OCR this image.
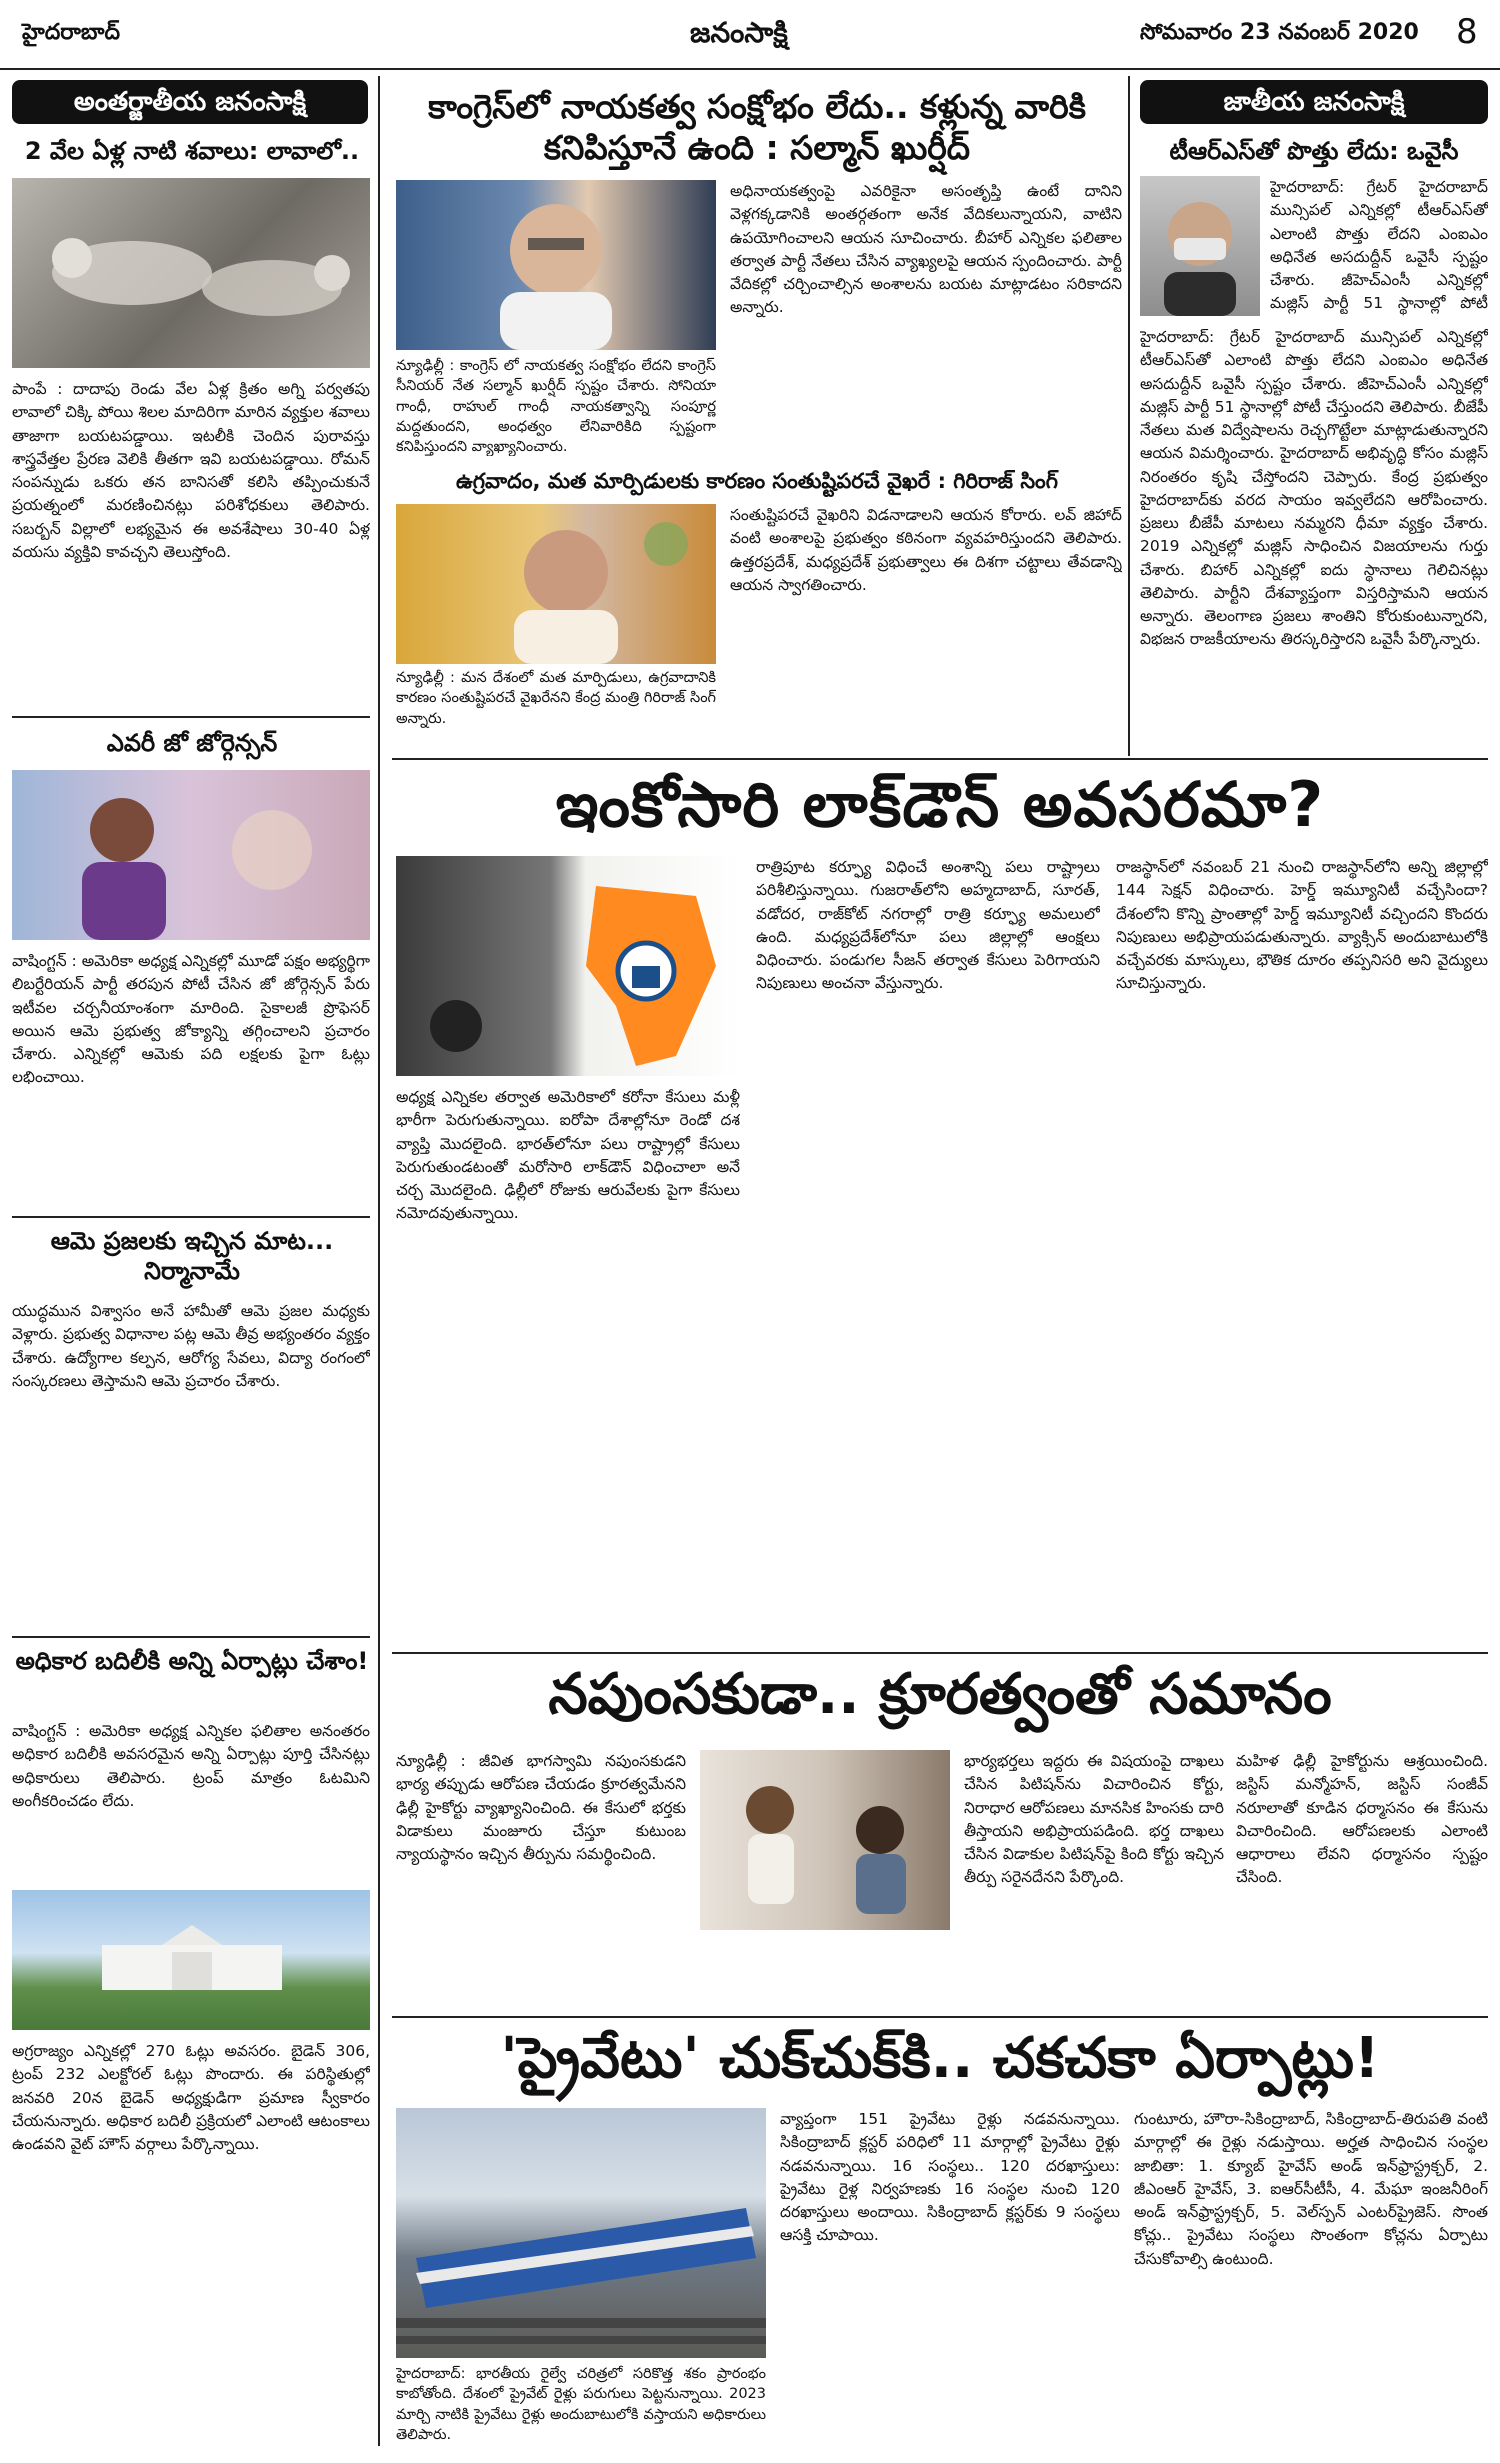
హైదరాబాద్	జనంసాక్షి	సోమవారం 23 నవంబర్ 2020 8
అంతర్జాతీయ జనంసాక్షి
2 వేల ఏళ్ల నాటి శవాలు: లావాలో..
పాంపే : దాదాపు రెండు వేల ఏళ్ల క్రితం అగ్ని పర్వతపు లావాలో చిక్కి పోయి శిలల మాదిరిగా మారిన వ్యక్తుల శవాలు తాజాగా బయటపడ్డాయి. ఇటలీకి చెందిన పురావస్తు శాస్త్రవేత్తల ప్రేరణ వెలికి తీతగా ఇవి బయటపడ్డాయి. రోమన్ సంపన్నుడు ఒకరు తన బానిసతో కలిసి తప్పించుకునే ప్రయత్నంలో మరణించినట్లు పరిశోధకులు తెలిపారు. సబర్బన్ విల్లాలో లభ్యమైన ఈ అవశేషాలు 30-40 ఏళ్ల వయసు వ్యక్తివి కావచ్చని తెలుస్తోంది.
ఎవరీ జో జోర్గెన్సన్
వాషింగ్టన్ : అమెరికా అధ్యక్ష ఎన్నికల్లో మూడో పక్షం అభ్యర్థిగా లిబర్టేరియన్ పార్టీ తరపున పోటీ చేసిన జో జోర్గెన్సన్ పేరు ఇటీవల చర్చనీయాంశంగా మారింది. సైకాలజీ ప్రొఫెసర్ అయిన ఆమె ప్రభుత్వ జోక్యాన్ని తగ్గించాలని ప్రచారం చేశారు. ఎన్నికల్లో ఆమెకు పది లక్షలకు పైగా ఓట్లు లభించాయి.
ఆమె ప్రజలకు ఇచ్చిన మాట... నిర్మానామే
యుద్ధమున విశ్వాసం అనే హామీతో ఆమె ప్రజల మధ్యకు వెళ్లారు. ప్రభుత్వ విధానాల పట్ల ఆమె తీవ్ర అభ్యంతరం వ్యక్తం చేశారు. ఉద్యోగాల కల్పన, ఆరోగ్య సేవలు, విద్యా రంగంలో సంస్కరణలు తెస్తామని ఆమె ప్రచారం చేశారు.
అధికార బదిలీకి అన్ని ఏర్పాట్లు చేశాం!
వాషింగ్టన్ : అమెరికా అధ్యక్ష ఎన్నికల ఫలితాల అనంతరం అధికార బదిలీకి అవసరమైన అన్ని ఏర్పాట్లు పూర్తి చేసినట్లు అధికారులు తెలిపారు. ట్రంప్ మాత్రం ఓటమిని అంగీకరించడం లేదు.
అగ్రరాజ్యం ఎన్నికల్లో 270 ఓట్లు అవసరం. బైడెన్ 306, ట్రంప్ 232 ఎలక్టోరల్ ఓట్లు పొందారు. ఈ పరిస్థితుల్లో జనవరి 20న బైడెన్ అధ్యక్షుడిగా ప్రమాణ స్వీకారం చేయనున్నారు. అధికార బదిలీ ప్రక్రియలో ఎలాంటి ఆటంకాలు ఉండవని వైట్ హౌస్ వర్గాలు పేర్కొన్నాయి.
కాంగ్రెస్‌లో నాయకత్వ సంక్షోభం లేదు.. కళ్లున్న వారికి కనిపిస్తూనే ఉంది : సల్మాన్ ఖుర్షీద్
న్యూఢిల్లీ : కాంగ్రెస్ లో నాయకత్వ సంక్షోభం లేదని కాంగ్రెస్ సీనియర్ నేత సల్మాన్ ఖుర్షీద్ స్పష్టం చేశారు. సోనియా గాంధీ, రాహుల్ గాంధీ నాయకత్వాన్ని సంపూర్ణ మద్దతుందని, అంధత్వం లేనివారికిది స్పష్టంగా కనిపిస్తుందని వ్యాఖ్యానించారు.
అధినాయకత్వంపై ఎవరికైనా అసంతృప్తి ఉంటే దానిని వెళ్లగక్కడానికి అంతర్గతంగా అనేక వేదికలున్నాయని, వాటిని ఉపయోగించాలని ఆయన సూచించారు. బీహార్ ఎన్నికల ఫలితాల తర్వాత పార్టీ నేతలు చేసిన వ్యాఖ్యలపై ఆయన స్పందించారు. పార్టీ వేదికల్లో చర్చించాల్సిన అంశాలను బయట మాట్లాడటం సరికాదని అన్నారు.
ఉగ్రవాదం, మత మార్పిడులకు కారణం సంతుష్టిపరచే వైఖరే : గిరిరాజ్ సింగ్
న్యూఢిల్లీ : మన దేశంలో మత మార్పిడులు, ఉగ్రవాదానికి కారణం సంతుష్టిపరచే వైఖరేనని కేంద్ర మంత్రి గిరిరాజ్ సింగ్ అన్నారు.
సంతుష్టిపరచే వైఖరిని విడనాడాలని ఆయన కోరారు. లవ్ జిహాద్ వంటి అంశాలపై ప్రభుత్వం కఠినంగా వ్యవహరిస్తుందని తెలిపారు. ఉత్తరప్రదేశ్, మధ్యప్రదేశ్ ప్రభుత్వాలు ఈ దిశగా చట్టాలు తేవడాన్ని ఆయన స్వాగతించారు.
జాతీయ జనంసాక్షి
టీఆర్‌ఎస్‌తో పొత్తు లేదు: ఒవైసీ
హైదరాబాద్: గ్రేటర్ హైదరాబాద్ మున్సిపల్ ఎన్నికల్లో టీఆర్ఎస్‌తో ఎలాంటి పొత్తు లేదని ఎంఐఎం అధినేత అసదుద్దీన్ ఒవైసీ స్పష్టం చేశారు. జీహెచ్ఎంసీ ఎన్నికల్లో మజ్లిస్ పార్టీ 51 స్థానాల్లో పోటీ
హైదరాబాద్: గ్రేటర్ హైదరాబాద్ మున్సిపల్ ఎన్నికల్లో టీఆర్ఎస్‌తో ఎలాంటి పొత్తు లేదని ఎంఐఎం అధినేత అసదుద్దీన్ ఒవైసీ స్పష్టం చేశారు. జీహెచ్ఎంసీ ఎన్నికల్లో మజ్లిస్ పార్టీ 51 స్థానాల్లో పోటీ చేస్తుందని తెలిపారు. బీజేపీ నేతలు మత విద్వేషాలను రెచ్చగొట్టేలా మాట్లాడుతున్నారని ఆయన విమర్శించారు. హైదరాబాద్ అభివృద్ధి కోసం మజ్లిస్ నిరంతరం కృషి చేస్తోందని చెప్పారు. కేంద్ర ప్రభుత్వం హైదరాబాద్‌కు వరద సాయం ఇవ్వలేదని ఆరోపించారు. ప్రజలు బీజేపీ మాటలు నమ్మరని ధీమా వ్యక్తం చేశారు. 2019 ఎన్నికల్లో మజ్లిస్ సాధించిన విజయాలను గుర్తు చేశారు. బిహార్ ఎన్నికల్లో ఐదు స్థానాలు గెలిచినట్లు తెలిపారు. పార్టీని దేశవ్యాప్తంగా విస్తరిస్తామని ఆయన అన్నారు. తెలంగాణ ప్రజలు శాంతిని కోరుకుంటున్నారని, విభజన రాజకీయాలను తిరస్కరిస్తారని ఒవైసీ పేర్కొన్నారు.
ఇంకోసారి లాక్‌డౌన్ అవసరమా?
అధ్యక్ష ఎన్నికల తర్వాత అమెరికాలో కరోనా కేసులు మళ్లీ భారీగా పెరుగుతున్నాయి. ఐరోపా దేశాల్లోనూ రెండో దశ వ్యాప్తి మొదలైంది. భారత్‌లోనూ పలు రాష్ట్రాల్లో కేసులు పెరుగుతుండటంతో మరోసారి లాక్‌డౌన్ విధించాలా అనే చర్చ మొదలైంది. ఢిల్లీలో రోజుకు ఆరువేలకు పైగా కేసులు నమోదవుతున్నాయి.
రాత్రిపూట కర్ఫ్యూ విధించే అంశాన్ని పలు రాష్ట్రాలు పరిశీలిస్తున్నాయి. గుజరాత్‌లోని అహ్మదాబాద్, సూరత్, వడోదర, రాజ్‌కోట్ నగరాల్లో రాత్రి కర్ఫ్యూ అమలులో ఉంది. మధ్యప్రదేశ్‌లోనూ పలు జిల్లాల్లో ఆంక్షలు విధించారు. పండుగల సీజన్ తర్వాత కేసులు పెరిగాయని నిపుణులు అంచనా వేస్తున్నారు.
రాజస్థాన్‌లో నవంబర్ 21 నుంచి రాజస్థాన్‌లోని అన్ని జిల్లాల్లో 144 సెక్షన్ విధించారు. హెర్డ్ ఇమ్యూనిటీ వచ్చేసిందా? దేశంలోని కొన్ని ప్రాంతాల్లో హెర్డ్ ఇమ్యూనిటీ వచ్చిందని కొందరు నిపుణులు అభిప్రాయపడుతున్నారు. వ్యాక్సిన్ అందుబాటులోకి వచ్చేవరకు మాస్కులు, భౌతిక దూరం తప్పనిసరి అని వైద్యులు సూచిస్తున్నారు.
నపుంసకుడా.. క్రూరత్వంతో సమానం
న్యూఢిల్లీ : జీవిత భాగస్వామి నపుంసకుడని భార్య తప్పుడు ఆరోపణ చేయడం క్రూరత్వమేనని ఢిల్లీ హైకోర్టు వ్యాఖ్యానించింది. ఈ కేసులో భర్తకు విడాకులు మంజూరు చేస్తూ కుటుంబ న్యాయస్థానం ఇచ్చిన తీర్పును సమర్థించింది.
భార్యభర్తలు ఇద్దరు ఈ విషయంపై దాఖలు చేసిన పిటిషన్‌ను విచారించిన కోర్టు, నిరాధార ఆరోపణలు మానసిక హింసకు దారి తీస్తాయని అభిప్రాయపడింది. భర్త దాఖలు చేసిన విడాకుల పిటిషన్‌పై కింది కోర్టు ఇచ్చిన తీర్పు సరైనదేనని పేర్కొంది.
మహిళ ఢిల్లీ హైకోర్టును ఆశ్రయించింది. జస్టిస్ మన్మోహన్, జస్టిస్ సంజీవ్ నరూలాతో కూడిన ధర్మాసనం ఈ కేసును విచారించింది. ఆరోపణలకు ఎలాంటి ఆధారాలు లేవని ధర్మాసనం స్పష్టం చేసింది.
'ప్రైవేటు' చుక్‌చుక్‌కి.. చకచకా ఏర్పాట్లు!
హైదరాబాద్: భారతీయ రైల్వే చరిత్రలో సరికొత్త శకం ప్రారంభం కాబోతోంది. దేశంలో ప్రైవేట్ రైళ్లు పరుగులు పెట్టనున్నాయి. 2023 మార్చి నాటికి ప్రైవేటు రైళ్లు అందుబాటులోకి వస్తాయని అధికారులు తెలిపారు.
వ్యాప్తంగా 151 ప్రైవేటు రైళ్లు నడవనున్నాయి. సికింద్రాబాద్ క్లస్టర్ పరిధిలో 11 మార్గాల్లో ప్రైవేటు రైళ్లు నడవనున్నాయి. 16 సంస్థలు.. 120 దరఖాస్తులు: ప్రైవేటు రైళ్ల నిర్వహణకు 16 సంస్థల నుంచి 120 దరఖాస్తులు అందాయి. సికింద్రాబాద్ క్లస్టర్‌కు 9 సంస్థలు ఆసక్తి చూపాయి.
గుంటూరు, హౌరా-సికింద్రాబాద్, సికింద్రాబాద్-తిరుపతి వంటి మార్గాల్లో ఈ రైళ్లు నడుస్తాయి. అర్హత సాధించిన సంస్థల జాబితా: 1. క్యూబ్ హైవేస్ అండ్ ఇన్‌ఫ్రాస్ట్రక్చర్, 2. జీఎంఆర్ హైవేస్, 3. ఐఆర్‌సీటీసీ, 4. మేఘా ఇంజనీరింగ్ అండ్ ఇన్‌ఫ్రాస్ట్రక్చర్, 5. వెల్‌స్పన్ ఎంటర్‌ప్రైజెస్. సొంత కోచ్లు.. ప్రైవేటు సంస్థలు సొంతంగా కోచ్లను ఏర్పాటు చేసుకోవాల్సి ఉంటుంది.
